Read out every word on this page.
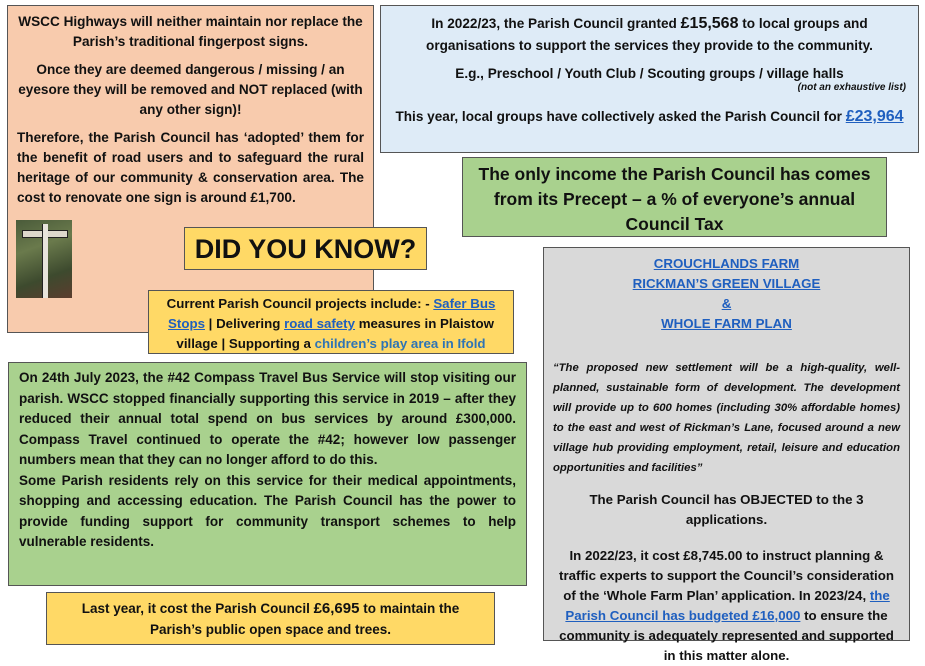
WSCC Highways will neither maintain nor replace the Parish’s traditional fingerpost signs.

Once they are deemed dangerous / missing / an eyesore they will be removed and NOT replaced (with any other sign)!

Therefore, the Parish Council has ‘adopted’ them for the benefit of road users and to safeguard the rural heritage of our community & conservation area. The cost to renovate one sign is around £1,700.

In 2022/23, the Parish Council granted £15,568 to local groups and organisations to support the services they provide to the community.

E.g., Preschool / Youth Club / Scouting groups / village halls

(not an exhaustive list)

This year, local groups have collectively asked the Parish Council for £23,964

The only income the Parish Council has comes from its Precept – a % of everyone’s annual Council Tax

DID YOU KNOW?

Current Parish Council projects include: - Safer Bus Stops | Delivering road safety measures in Plaistow village | Supporting a children’s play area in Ifold

On 24th July 2023, the #42 Compass Travel Bus Service will stop visiting our parish. WSCC stopped financially supporting this service in 2019 – after they reduced their annual total spend on bus services by around £300,000. Compass Travel continued to operate the #42; however low passenger numbers mean that they can no longer afford to do this.

Some Parish residents rely on this service for their medical appointments, shopping and accessing education. The Parish Council has the power to provide funding support for community transport schemes to help vulnerable residents.

Last year, it cost the Parish Council £6,695 to maintain the Parish’s public open space and trees.

CROUCHLANDS FARM
RICKMAN’S GREEN VILLAGE
&
WHOLE FARM PLAN

“The proposed new settlement will be a high-quality, well-planned, sustainable form of development. The development will provide up to 600 homes (including 30% affordable homes) to the east and west of Rickman’s Lane, focused around a new village hub providing employment, retail, leisure and education opportunities and facilities”

The Parish Council has OBJECTED to the 3 applications.

In 2022/23, it cost £8,745.00 to instruct planning & traffic experts to support the Council’s consideration of the ‘Whole Farm Plan’ application. In 2023/24, the Parish Council has budgeted £16,000 to ensure the community is adequately represented and supported in this matter alone.
